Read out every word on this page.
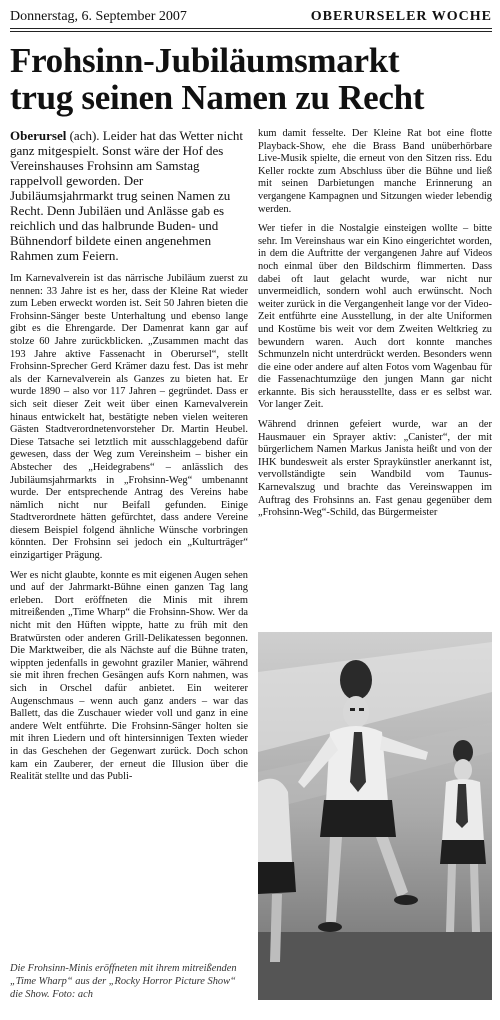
Donnerstag, 6. September 2007	OBERURSELER WOCHE
Frohsinn-Jubiläumsmarkt
trug seinen Namen zu Recht

Oberursel (ach). Leider hat das Wetter nicht ganz mitgespielt. Sonst wäre der Hof des Vereinshauses Frohsinn am Samstag rappelvoll geworden. Der Jubiläumsjahrmarkt trug seinen Namen zu Recht. Denn Jubiläen und Anlässe gab es reichlich und das halbrunde Buden- und Bühnendorf bildete einen angenehmen Rahmen zum Feiern.

Im Karnevalverein ist das närrische Jubiläum zuerst zu nennen: 33 Jahre ist es her, dass der Kleine Rat wieder zum Leben erweckt worden ist. Seit 50 Jahren bieten die Frohsinn-Sänger beste Unterhaltung und ebenso lange gibt es die Ehrengarde. Der Damenrat kann gar auf stolze 60 Jahre zurückblicken. „Zusammen macht das 193 Jahre aktive Fassenacht in Oberursel“, stellt Frohsinn-Sprecher Gerd Krämer dazu fest. Das ist mehr als der Karnevalverein als Ganzes zu bieten hat. Er wurde 1890 – also vor 117 Jahren – gegründet. Dass er sich seit dieser Zeit weit über einen Karnevalverein hinaus entwickelt hat, bestätigte neben vielen weiteren Gästen Stadtverordnetenvorsteher Dr. Martin Heubel. Diese Tatsache sei letztlich mit ausschlaggebend dafür gewesen, dass der Weg zum Vereinsheim – bisher ein Abstecher des „Heidegrabens“ – anlässlich des Jubiläumsjahrmarkts in „Frohsinn-Weg“ umbenannt wurde. Der entsprechende Antrag des Vereins habe nämlich nicht nur Beifall gefunden. Einige Stadtverordnete hätten gefürchtet, dass andere Vereine diesem Beispiel folgend ähnliche Wünsche vorbringen könnten. Der Frohsinn sei jedoch ein „Kulturträger“ einzigartiger Prägung.

Wer es nicht glaubte, konnte es mit eigenen Augen sehen und auf der Jahrmarkt-Bühne einen ganzen Tag lang erleben. Dort eröffneten die Minis mit ihrem mitreißenden „Time Wharp“ die Frohsinn-Show. Wer da nicht mit den Hüften wippte, hatte zu früh mit den Bratwürsten oder anderen Grill-Delikatessen begonnen. Die Marktweiber, die als Nächste auf die Bühne traten, wippten jedenfalls in gewohnt graziler Manier, während sie mit ihren frechen Gesängen aufs Korn nahmen, was sich in Orschel dafür anbietet. Ein weiterer Augenschmaus – wenn auch ganz anders – war das Ballett, das die Zuschauer wieder voll und ganz in eine andere Welt entführte. Die Frohsinn-Sänger holten sie mit ihren Liedern und oft hintersinnigen Texten wieder in das Geschehen der Gegenwart zurück. Doch schon kam ein Zauberer, der erneut die Illusion über die Realität stellte und das Publi-

kum damit fesselte. Der Kleine Rat bot eine flotte Playback-Show, ehe die Brass Band unüberhörbare Live-Musik spielte, die erneut von den Sitzen riss. Edu Keller rockte zum Abschluss über die Bühne und ließ mit seinen Darbietungen manche Erinnerung an vergangene Kampagnen und Sitzungen wieder lebendig werden.

Wer tiefer in die Nostalgie einsteigen wollte – bitte sehr. Im Vereinshaus war ein Kino eingerichtet worden, in dem die Auftritte der vergangenen Jahre auf Videos noch einmal über den Bildschirm flimmerten. Dass dabei oft laut gelacht wurde, war nicht nur unvermeidlich, sondern wohl auch erwünscht. Noch weiter zurück in die Vergangenheit lange vor der Video-Zeit entführte eine Ausstellung, in der alte Uniformen und Kostüme bis weit vor dem Zweiten Weltkrieg zu bewundern waren. Auch dort konnte manches Schmunzeln nicht unterdrückt werden. Besonders wenn die eine oder andere auf alten Fotos vom Wagenbau für die Fassenachtumzüge den jungen Mann gar nicht erkannte. Bis sich herausstellte, dass er es selbst war. Vor langer Zeit.

Während drinnen gefeiert wurde, war an der Hausmauer ein Sprayer aktiv: „Canister“, der mit bürgerlichem Namen Markus Janista heißt und von der IHK bundesweit als erster Spraykünstler anerkannt ist, vervollständigte sein Wandbild vom Taunus-Karnevalszug und brachte das Vereinswappen im Auftrag des Frohsinns an. Fast genau gegenüber dem „Frohsinn-Weg“-Schild, das Bürgermeister

Die Frohsinn-Minis eröffneten mit ihrem mitreißenden „Time Wharp“ aus der „Rocky Horror Picture Show“ die Show. Foto: ach
